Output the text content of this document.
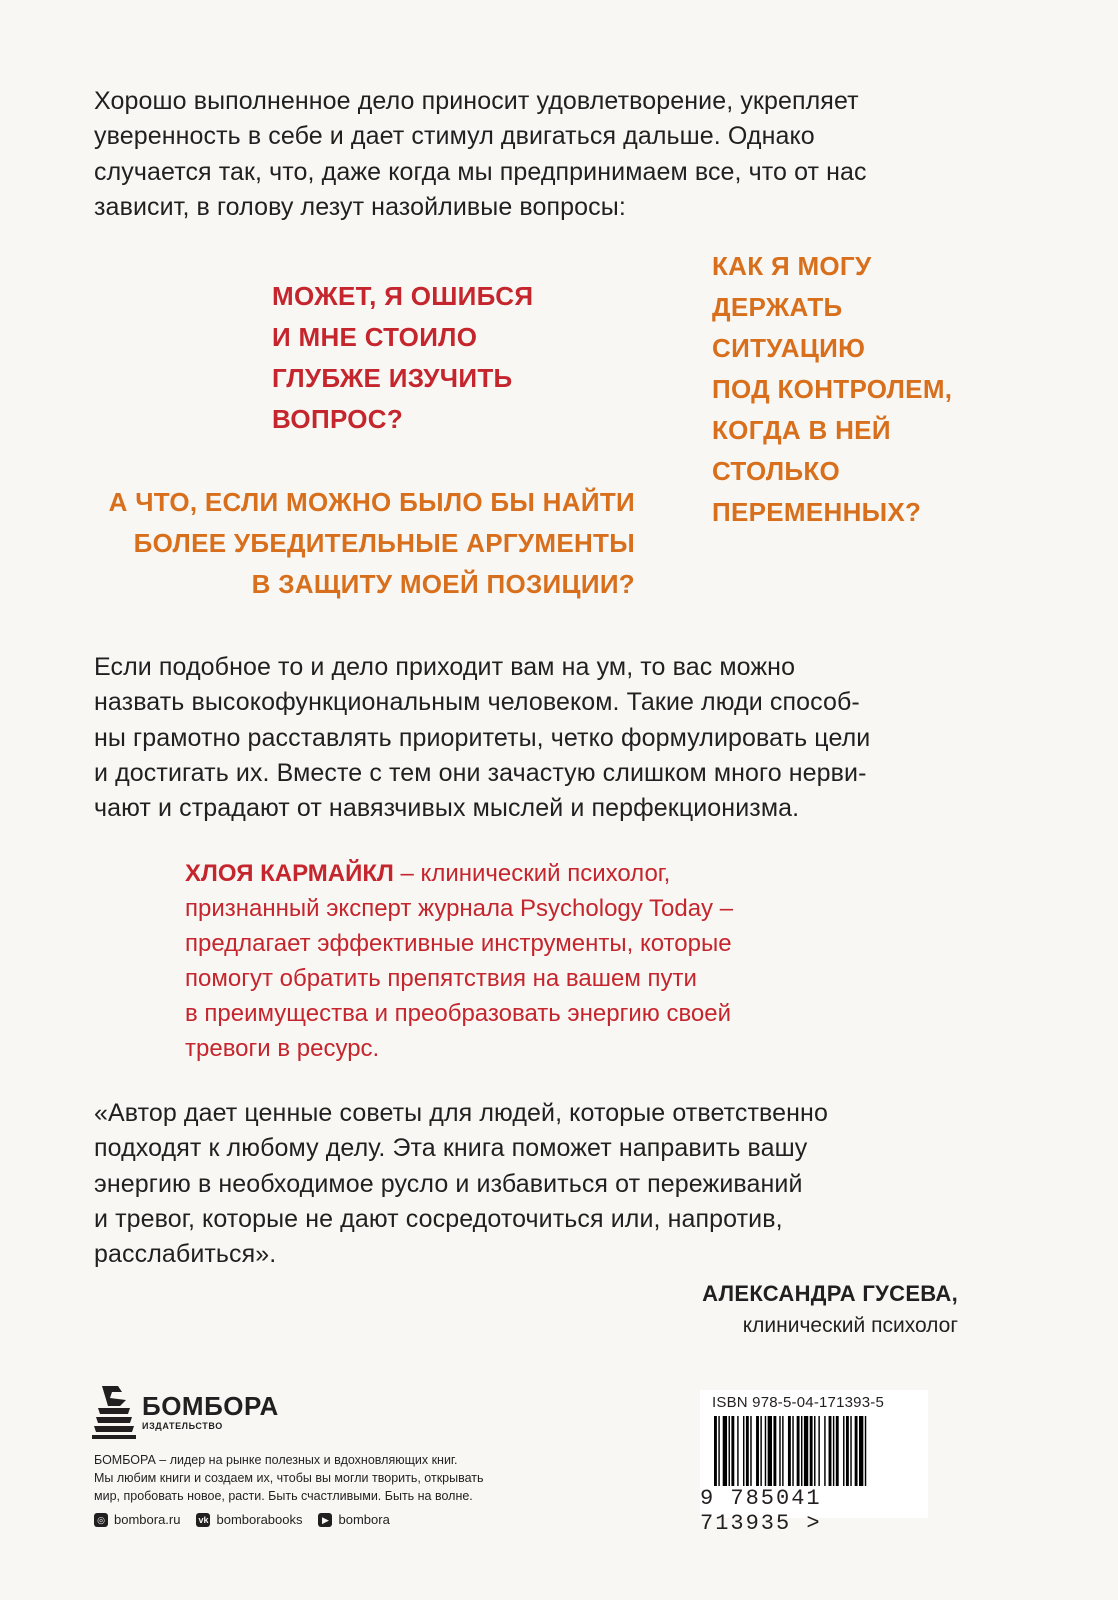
Хорошо выполненное дело приносит удовлетворение, укрепляет
уверенность в себе и дает стимул двигаться дальше. Однако
случается так, что, даже когда мы предпринимаем все, что от нас
зависит, в голову лезут назойливые вопросы:
МОЖЕТ, Я ОШИБСЯ
И МНЕ СТОИЛО
ГЛУБЖЕ ИЗУЧИТЬ
ВОПРОС?
КАК Я МОГУ
ДЕРЖАТЬ
СИТУАЦИЮ
ПОД КОНТРОЛЕМ,
КОГДА В НЕЙ
СТОЛЬКО
ПЕРЕМЕННЫХ?
А ЧТО, ЕСЛИ МОЖНО БЫЛО БЫ НАЙТИ
БОЛЕЕ УБЕДИТЕЛЬНЫЕ АРГУМЕНТЫ
В ЗАЩИТУ МОЕЙ ПОЗИЦИИ?
Если подобное то и дело приходит вам на ум, то вас можно
назвать высокофункциональным человеком. Такие люди способ-
ны грамотно расставлять приоритеты, четко формулировать цели
и достигать их. Вместе с тем они зачастую слишком много нерви-
чают и страдают от навязчивых мыслей и перфекционизма.
ХЛОЯ КАРМАЙКЛ – клинический психолог,
признанный эксперт журнала Psychology Today –
предлагает эффективные инструменты, которые
помогут обратить препятствия на вашем пути
в преимущества и преобразовать энергию своей
тревоги в ресурс.
«Автор дает ценные советы для людей, которые ответственно
подходят к любому делу. Эта книга поможет направить вашу
энергию в необходимое русло и избавиться от переживаний
и тревог, которые не дают сосредоточиться или, напротив,
расслабиться».
АЛЕКСАНДРА ГУСЕВА,
клинический психолог
БОМБОРА
ИЗДАТЕЛЬСТВО
БОМБОРА – лидер на рынке полезных и вдохновляющих книг.
Мы любим книги и создаем их, чтобы вы могли творить, открывать
мир, пробовать новое, расти. Быть счастливыми. Быть на волне.
◎ bombora.ru vk bomborabooks	▶ bombora
ISBN 978-5-04-171393-5
9 785041 713935 >
